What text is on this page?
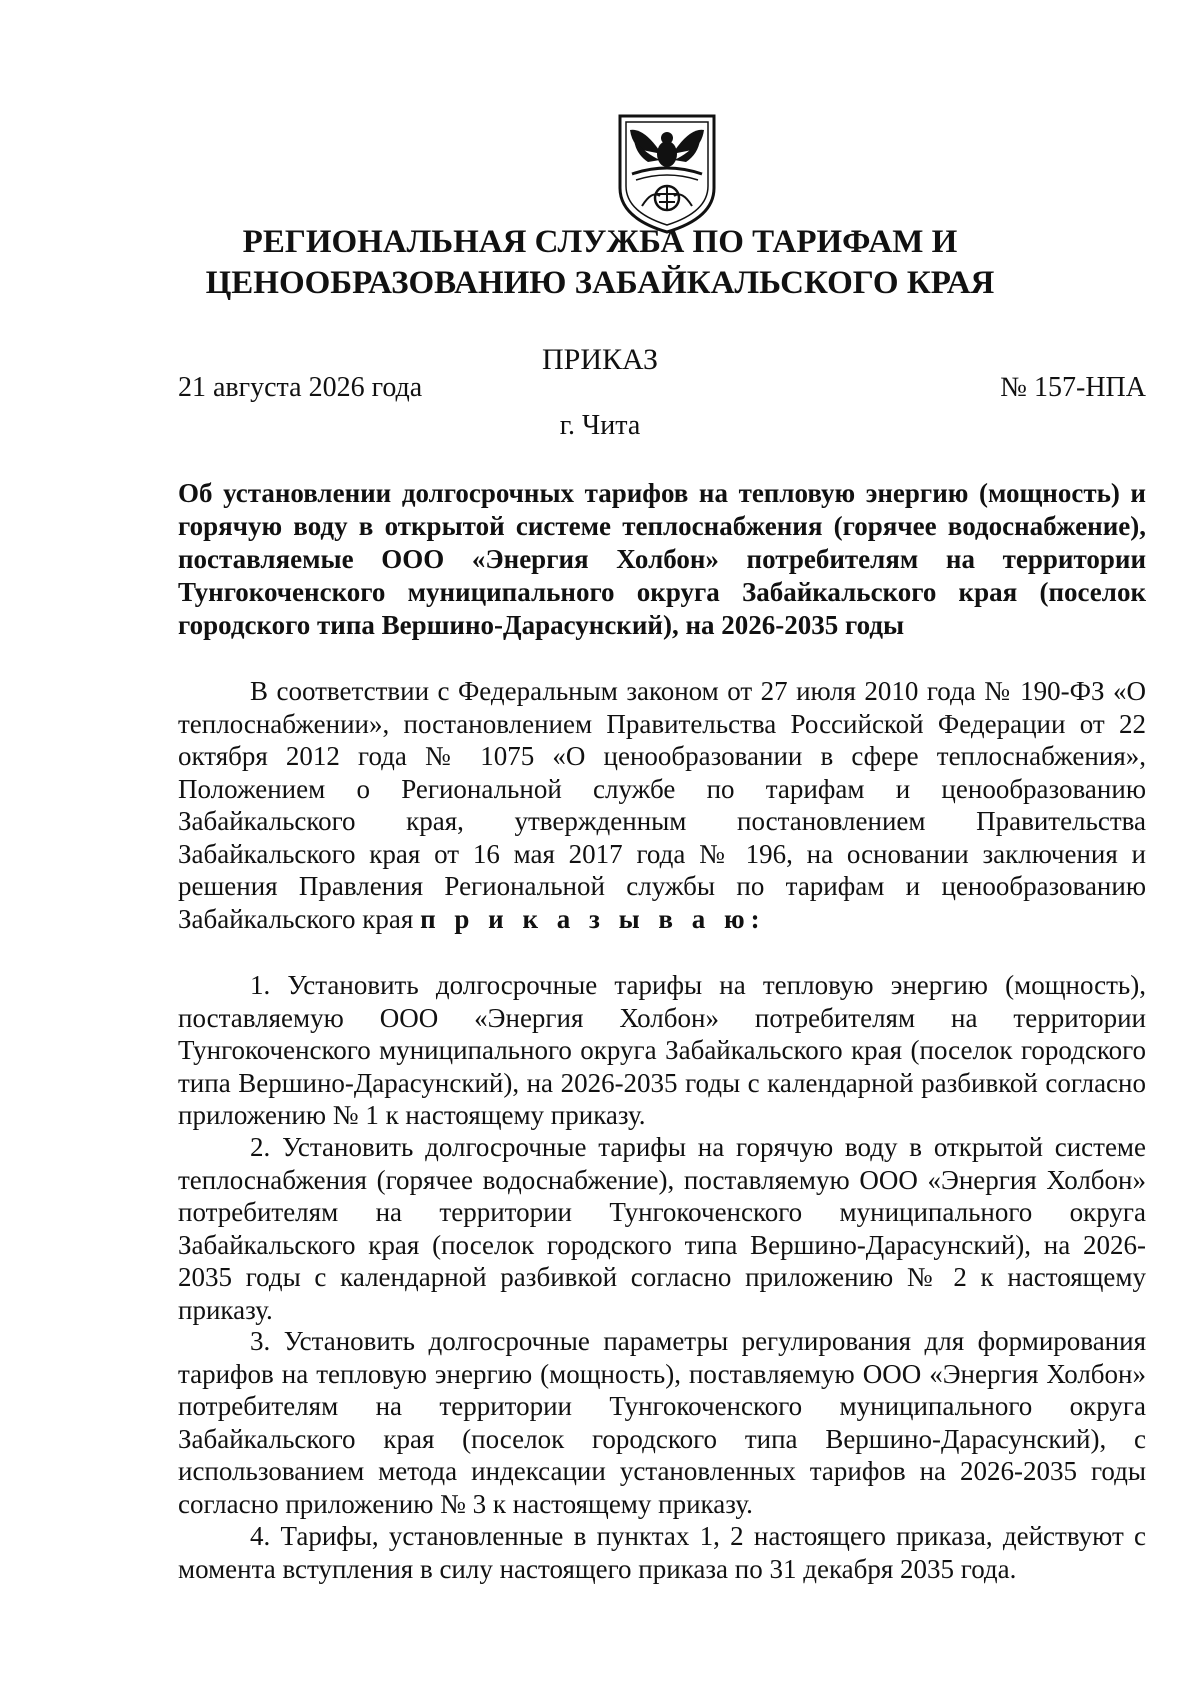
РЕГИОНАЛЬНАЯ СЛУЖБА ПО ТАРИФАМ И
ЦЕНООБРАЗОВАНИЮ ЗАБАЙКАЛЬСКОГО КРАЯ
ПРИКАЗ
21 августа 2026 года	№ 157-НПА
г. Чита
Об установлении долгосрочных тарифов на тепловую энергию (мощность) и горячую воду в открытой системе теплоснабжения (горячее водоснабжение), поставляемые ООО «Энергия Холбон» потребителям на территории Тунгокоченского муниципального округа Забайкальского края (поселок городского типа Вершино-Дарасунский), на 2026-2035 годы

В соответствии с Федеральным законом от 27 июля 2010 года № 190-ФЗ «О теплоснабжении», постановлением Правительства Российской Федерации от 22 октября 2012 года № 1075 «О ценообразовании в сфере теплоснабжения», Положением о Региональной службе по тарифам и ценообразованию Забайкальского края, утвержденным постановлением Правительства Забайкальского края от 16 мая 2017 года № 196, на основании заключения и решения Правления Региональной службы по тарифам и ценообразованию Забайкальского края п р и к а з ы в а ю:

1. Установить долгосрочные тарифы на тепловую энергию (мощность), поставляемую ООО «Энергия Холбон» потребителям на территории Тунгокоченского муниципального округа Забайкальского края (поселок городского типа Вершино-Дарасунский), на 2026-2035 годы с календарной разбивкой согласно приложению № 1 к настоящему приказу.

2. Установить долгосрочные тарифы на горячую воду в открытой системе теплоснабжения (горячее водоснабжение), поставляемую ООО «Энергия Холбон» потребителям на территории Тунгокоченского муниципального округа Забайкальского края (поселок городского типа Вершино-Дарасунский), на 2026-2035 годы с календарной разбивкой согласно приложению № 2 к настоящему приказу.

3. Установить долгосрочные параметры регулирования для формирования тарифов на тепловую энергию (мощность), поставляемую ООО «Энергия Холбон» потребителям на территории Тунгокоченского муниципального округа Забайкальского края (поселок городского типа Вершино-Дарасунский), с использованием метода индексации установленных тарифов на 2026-2035 годы согласно приложению № 3 к настоящему приказу.

4. Тарифы, установленные в пунктах 1, 2 настоящего приказа, действуют с момента вступления в силу настоящего приказа по 31 декабря 2035 года.
